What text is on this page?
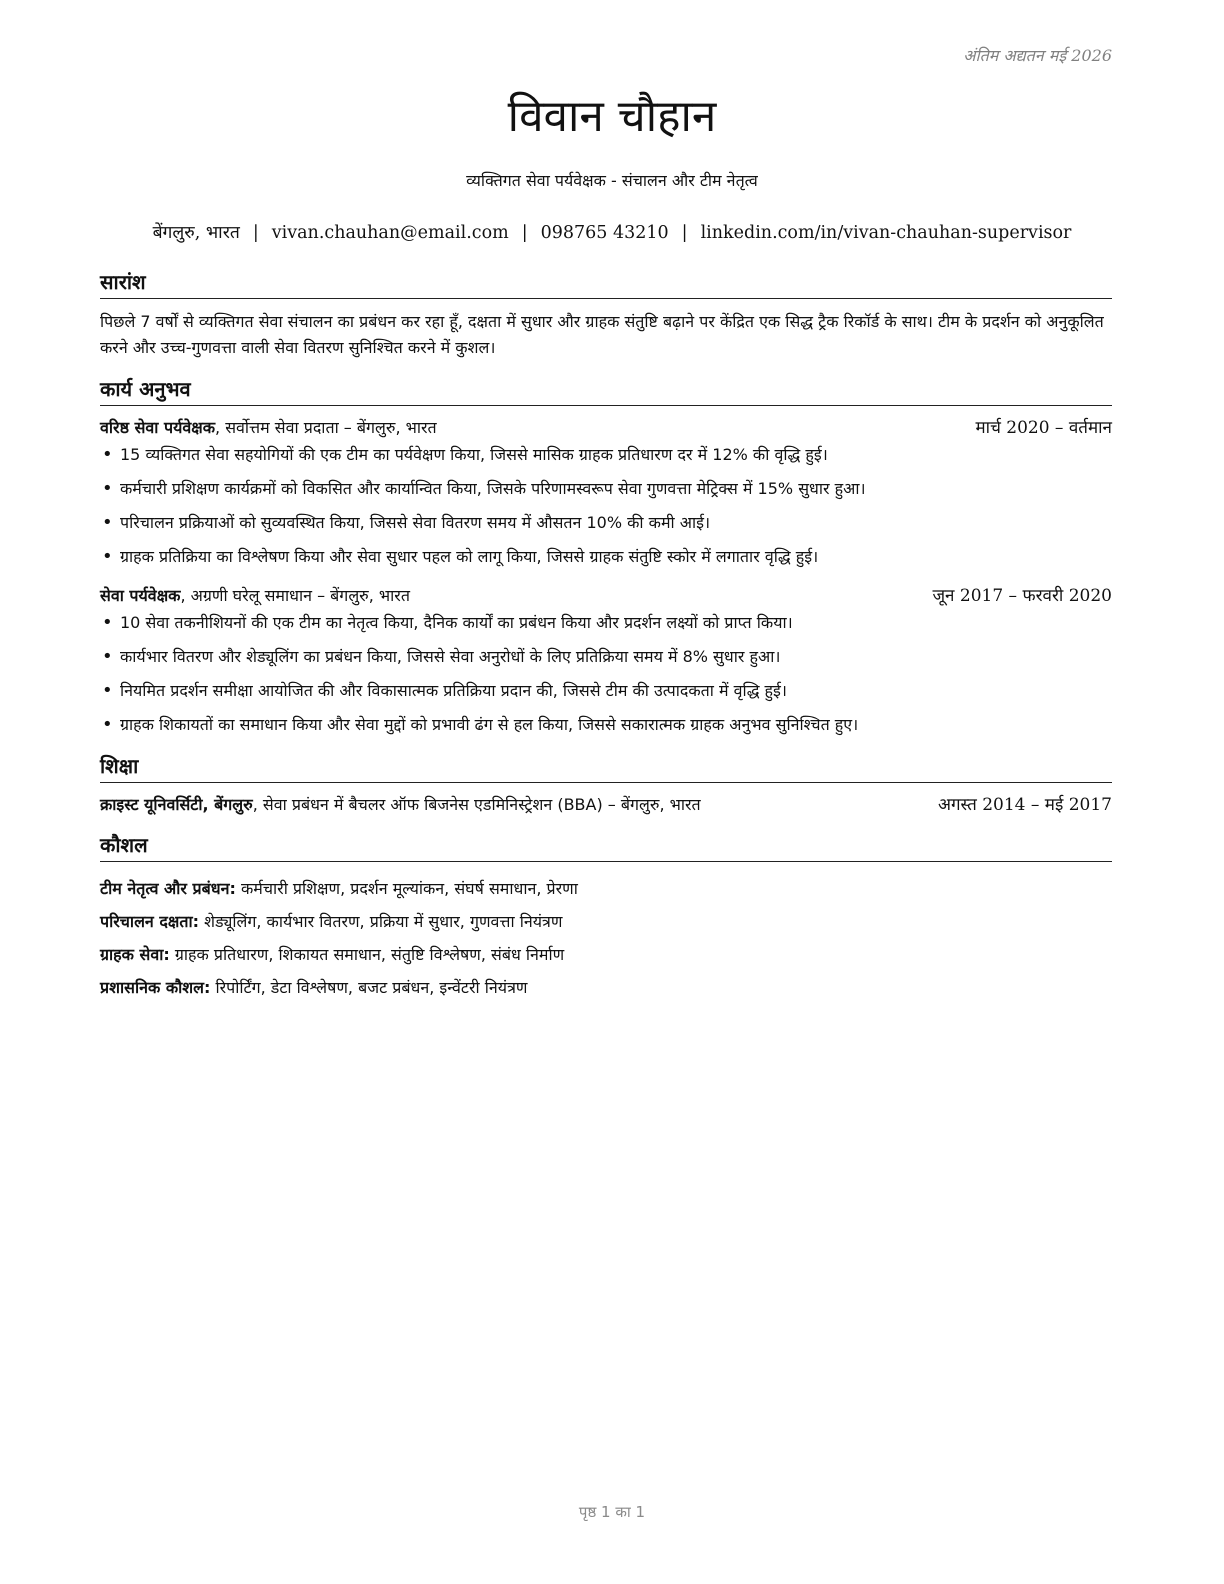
अंतिम अद्यतन मई 2026
विवान चौहान
व्यक्तिगत सेवा पर्यवेक्षक - संचालन और टीम नेतृत्व
बेंगलुरु, भारत | vivan.chauhan@email.com | 098765 43210 | linkedin.com/in/vivan-chauhan-supervisor
सारांश

पिछले 7 वर्षों से व्यक्तिगत सेवा संचालन का प्रबंधन कर रहा हूँ, दक्षता में सुधार और ग्राहक संतुष्टि बढ़ाने पर केंद्रित एक सिद्ध ट्रैक रिकॉर्ड के साथ। टीम के प्रदर्शन को अनुकूलित करने और उच्च-गुणवत्ता वाली सेवा वितरण सुनिश्चित करने में कुशल।

कार्य अनुभव
वरिष्ठ सेवा पर्यवेक्षक, सर्वोत्तम सेवा प्रदाता – बेंगलुरु, भारत	मार्च 2020 – वर्तमान
• 15 व्यक्तिगत सेवा सहयोगियों की एक टीम का पर्यवेक्षण किया, जिससे मासिक ग्राहक प्रतिधारण दर में 12% की वृद्धि हुई।
• कर्मचारी प्रशिक्षण कार्यक्रमों को विकसित और कार्यान्वित किया, जिसके परिणामस्वरूप सेवा गुणवत्ता मेट्रिक्स में 15% सुधार हुआ।
• परिचालन प्रक्रियाओं को सुव्यवस्थित किया, जिससे सेवा वितरण समय में औसतन 10% की कमी आई।
• ग्राहक प्रतिक्रिया का विश्लेषण किया और सेवा सुधार पहल को लागू किया, जिससे ग्राहक संतुष्टि स्कोर में लगातार वृद्धि हुई।
सेवा पर्यवेक्षक, अग्रणी घरेलू समाधान – बेंगलुरु, भारत	जून 2017 – फरवरी 2020
• 10 सेवा तकनीशियनों की एक टीम का नेतृत्व किया, दैनिक कार्यों का प्रबंधन किया और प्रदर्शन लक्ष्यों को प्राप्त किया।
• कार्यभार वितरण और शेड्यूलिंग का प्रबंधन किया, जिससे सेवा अनुरोधों के लिए प्रतिक्रिया समय में 8% सुधार हुआ।
• नियमित प्रदर्शन समीक्षा आयोजित की और विकासात्मक प्रतिक्रिया प्रदान की, जिससे टीम की उत्पादकता में वृद्धि हुई।
• ग्राहक शिकायतों का समाधान किया और सेवा मुद्दों को प्रभावी ढंग से हल किया, जिससे सकारात्मक ग्राहक अनुभव सुनिश्चित हुए।
शिक्षा
क्राइस्ट यूनिवर्सिटी, बेंगलुरु, सेवा प्रबंधन में बैचलर ऑफ बिजनेस एडमिनिस्ट्रेशन (BBA) – बेंगलुरु, भारत	अगस्त 2014 – मई 2017
कौशल
टीम नेतृत्व और प्रबंधन: कर्मचारी प्रशिक्षण, प्रदर्शन मूल्यांकन, संघर्ष समाधान, प्रेरणा
परिचालन दक्षता: शेड्यूलिंग, कार्यभार वितरण, प्रक्रिया में सुधार, गुणवत्ता नियंत्रण
ग्राहक सेवा: ग्राहक प्रतिधारण, शिकायत समाधान, संतुष्टि विश्लेषण, संबंध निर्माण
प्रशासनिक कौशल: रिपोर्टिंग, डेटा विश्लेषण, बजट प्रबंधन, इन्वेंटरी नियंत्रण
पृष्ठ 1 का 1
